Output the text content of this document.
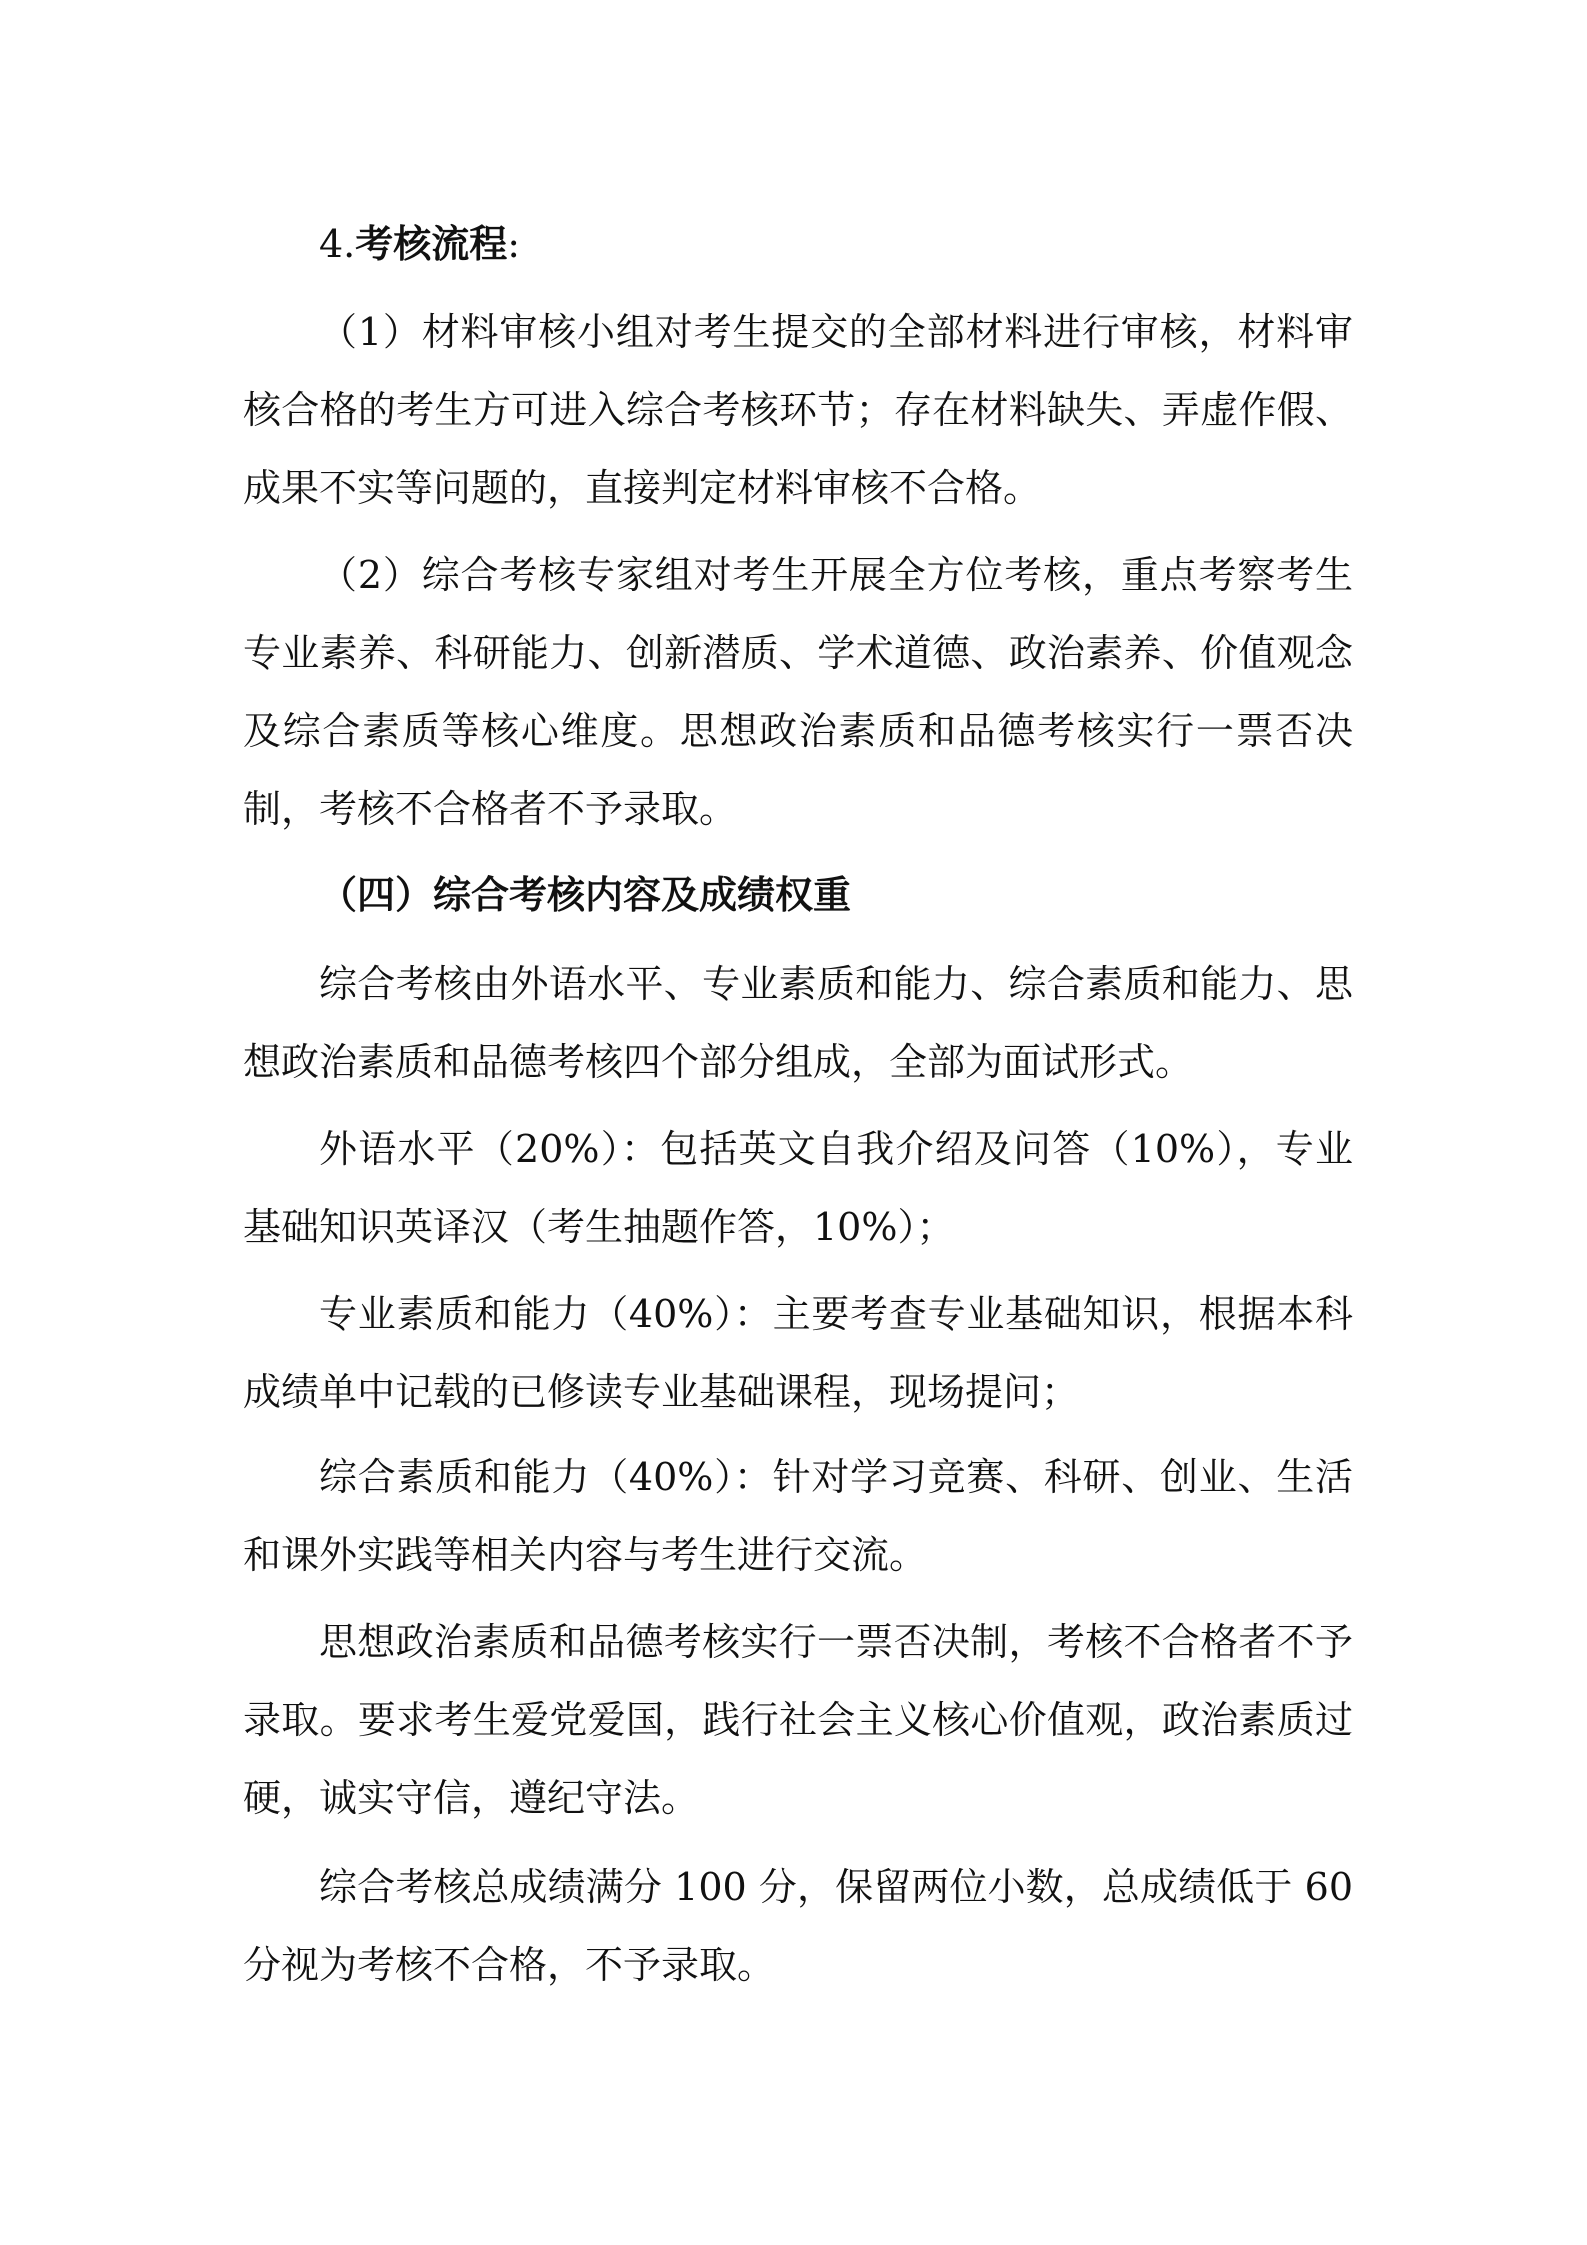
4.考核流程:

（1）材料审核小组对考生提交的全部材料进行审核，材料审核合格的考生方可进入综合考核环节；存在材料缺失、弄虚作假、成果不实等问题的，直接判定材料审核不合格。

（2）综合考核专家组对考生开展全方位考核，重点考察考生专业素养、科研能力、创新潜质、学术道德、政治素养、价值观念及综合素质等核心维度。思想政治素质和品德考核实行一票否决制，考核不合格者不予录取。

（四）综合考核内容及成绩权重

综合考核由外语水平、专业素质和能力、综合素质和能力、思想政治素质和品德考核四个部分组成，全部为面试形式。

外语水平（20%）：包括英文自我介绍及问答（10%），专业基础知识英译汉（考生抽题作答，10%）；

专业素质和能力（40%）：主要考查专业基础知识，根据本科成绩单中记载的已修读专业基础课程，现场提问；

综合素质和能力（40%）：针对学习竞赛、科研、创业、生活和课外实践等相关内容与考生进行交流。

思想政治素质和品德考核实行一票否决制，考核不合格者不予录取。要求考生爱党爱国，践行社会主义核心价值观，政治素质过硬，诚实守信，遵纪守法。

综合考核总成绩满分 100 分，保留两位小数，总成绩低于 60 分视为考核不合格，不予录取。
